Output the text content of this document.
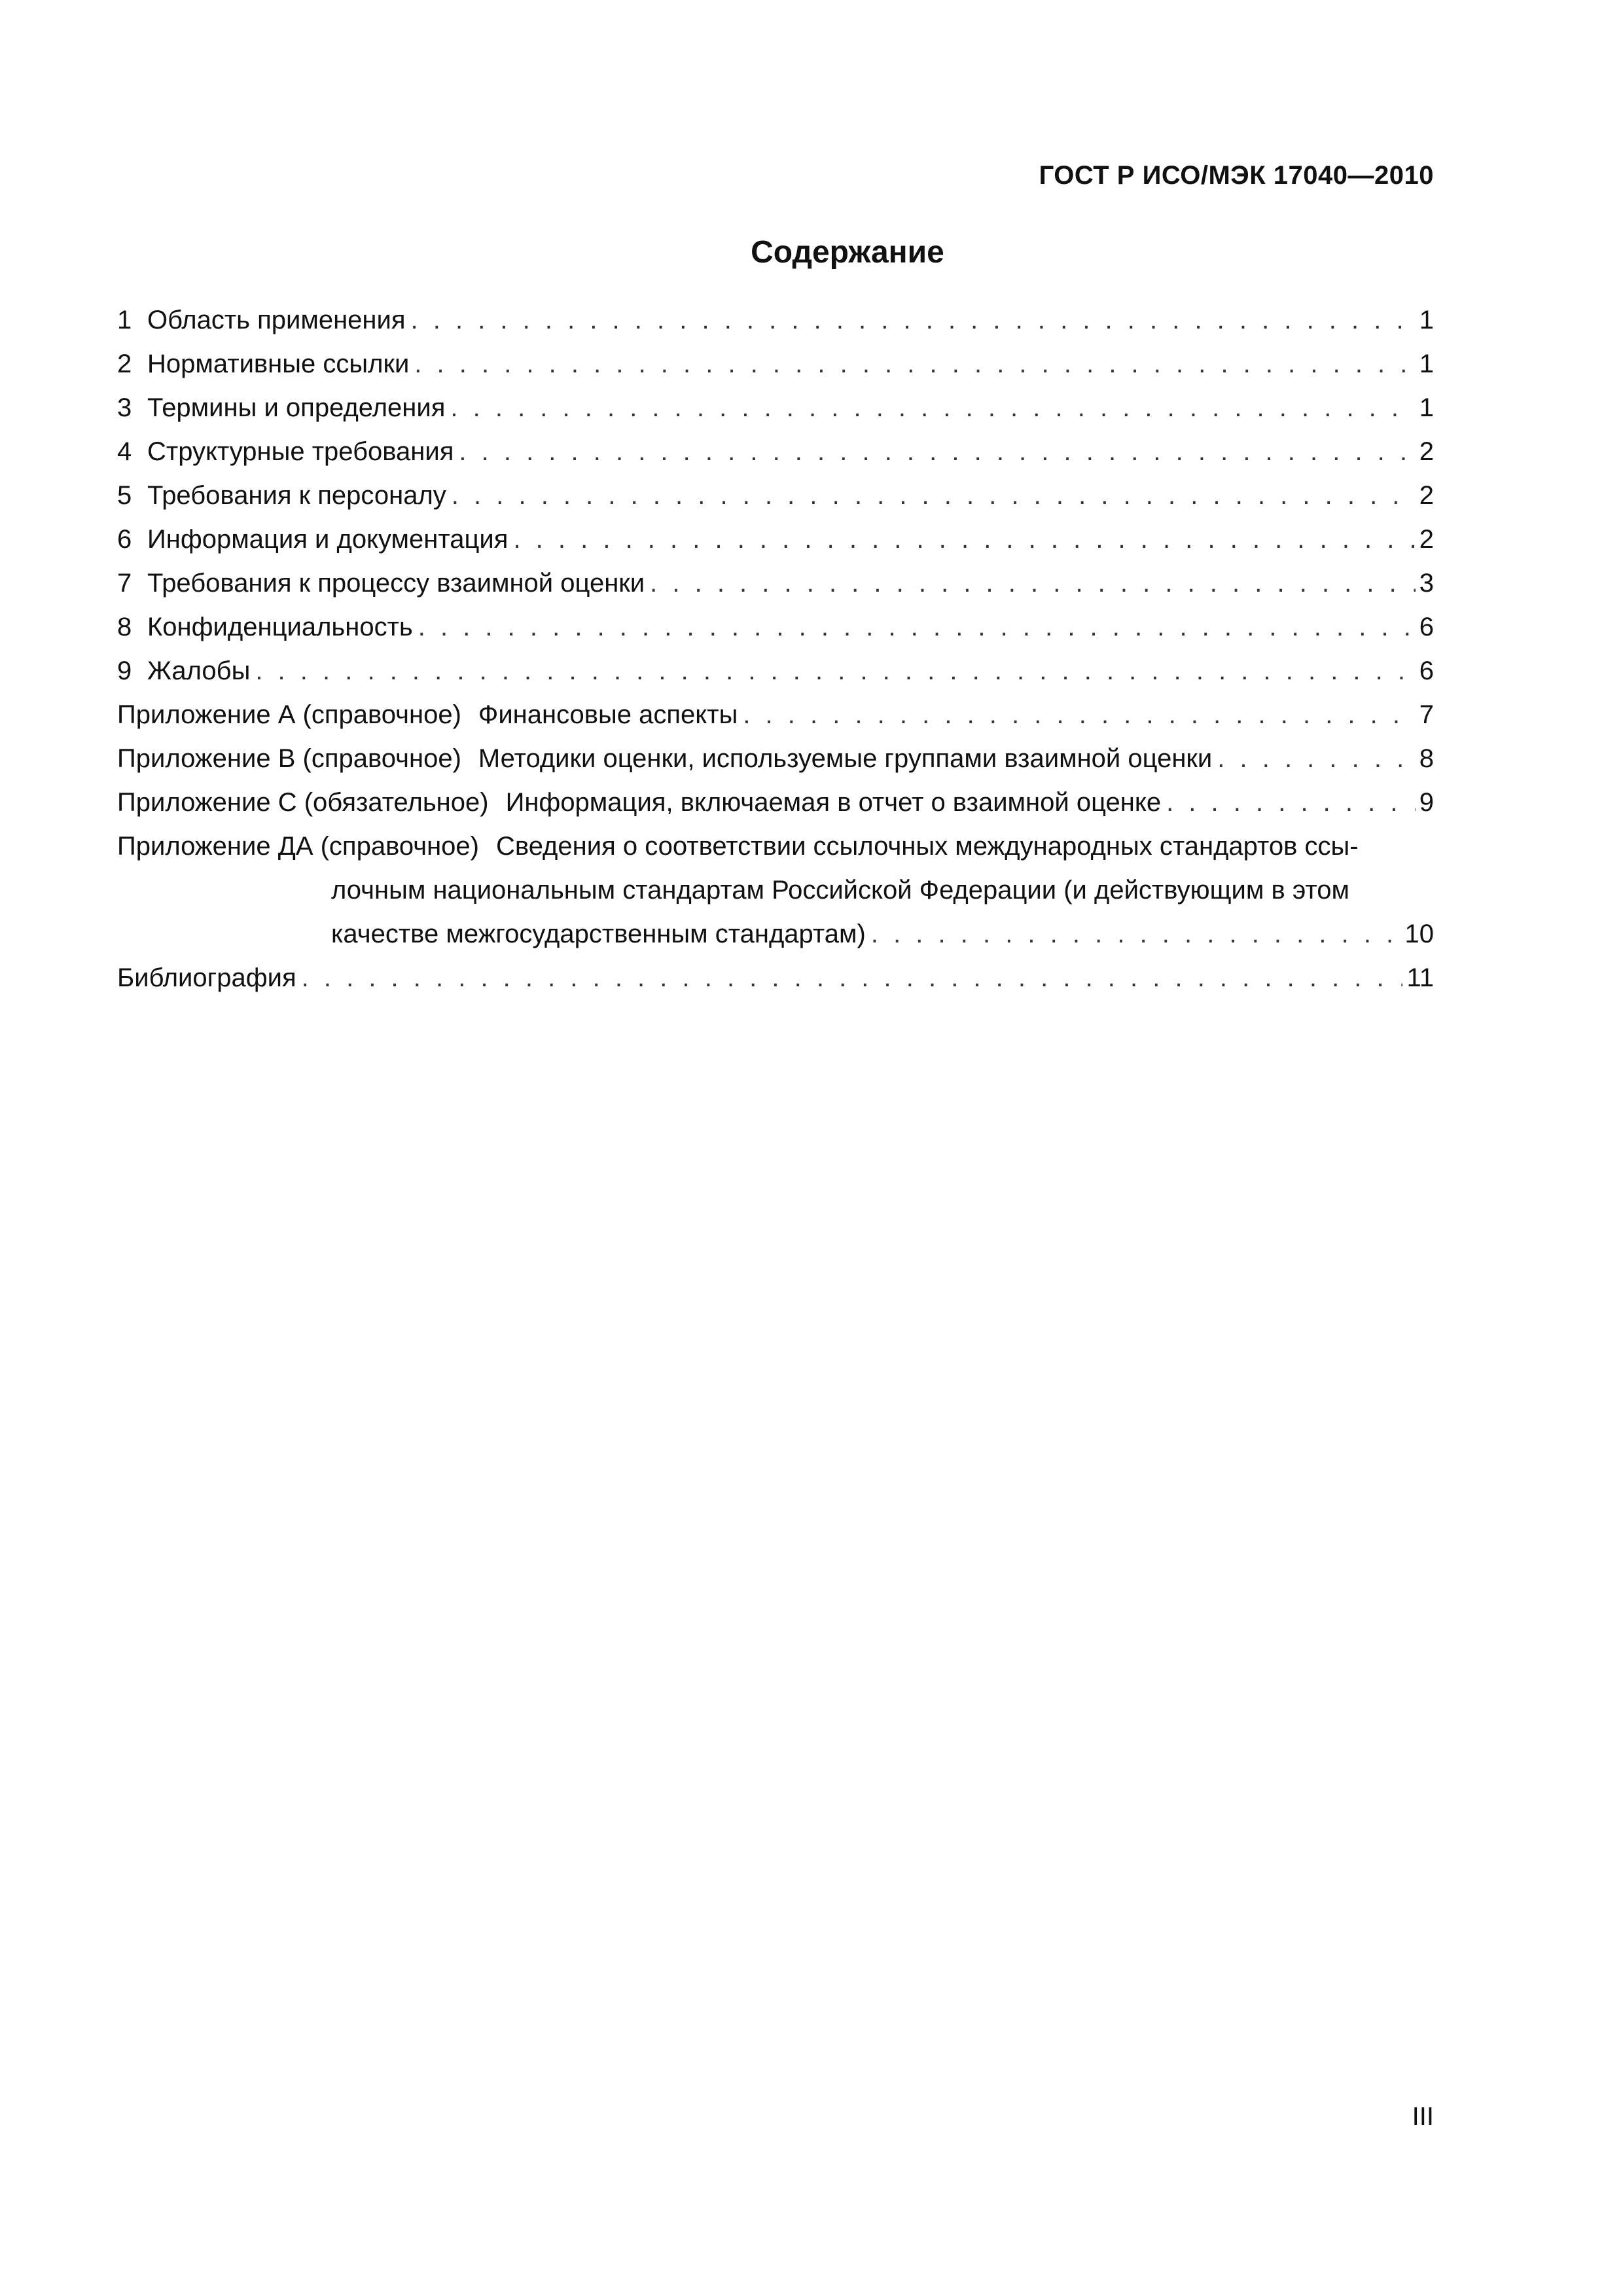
ГОСТ Р ИСО/МЭК 17040—2010
Содержание
1 Область применения . . .	1
2 Нормативные ссылки . . .	1
3 Термины и определения . . .	1
4 Структурные требования . . .	2
5 Требования к персоналу . . .	2
6 Информация и документация . . .	2
7 Требования к процессу взаимной оценки . . .	3
8 Конфиденциальность . . .	6
9 Жалобы . . .	6
Приложение А (справочное) Финансовые аспекты . . .	7
Приложение В (справочное) Методики оценки, используемые группами взаимной оценки . . .	8
Приложение С (обязательное) Информация, включаемая в отчет о взаимной оценке . . .	9
Приложение ДА (справочное) Сведения о соответствии ссылочных международных стандартов ссы-
лочным национальным стандартам Российской Федерации (и действующим в этом
качестве межгосударственным стандартам) . . .	10
Библиография . . .	11
III
